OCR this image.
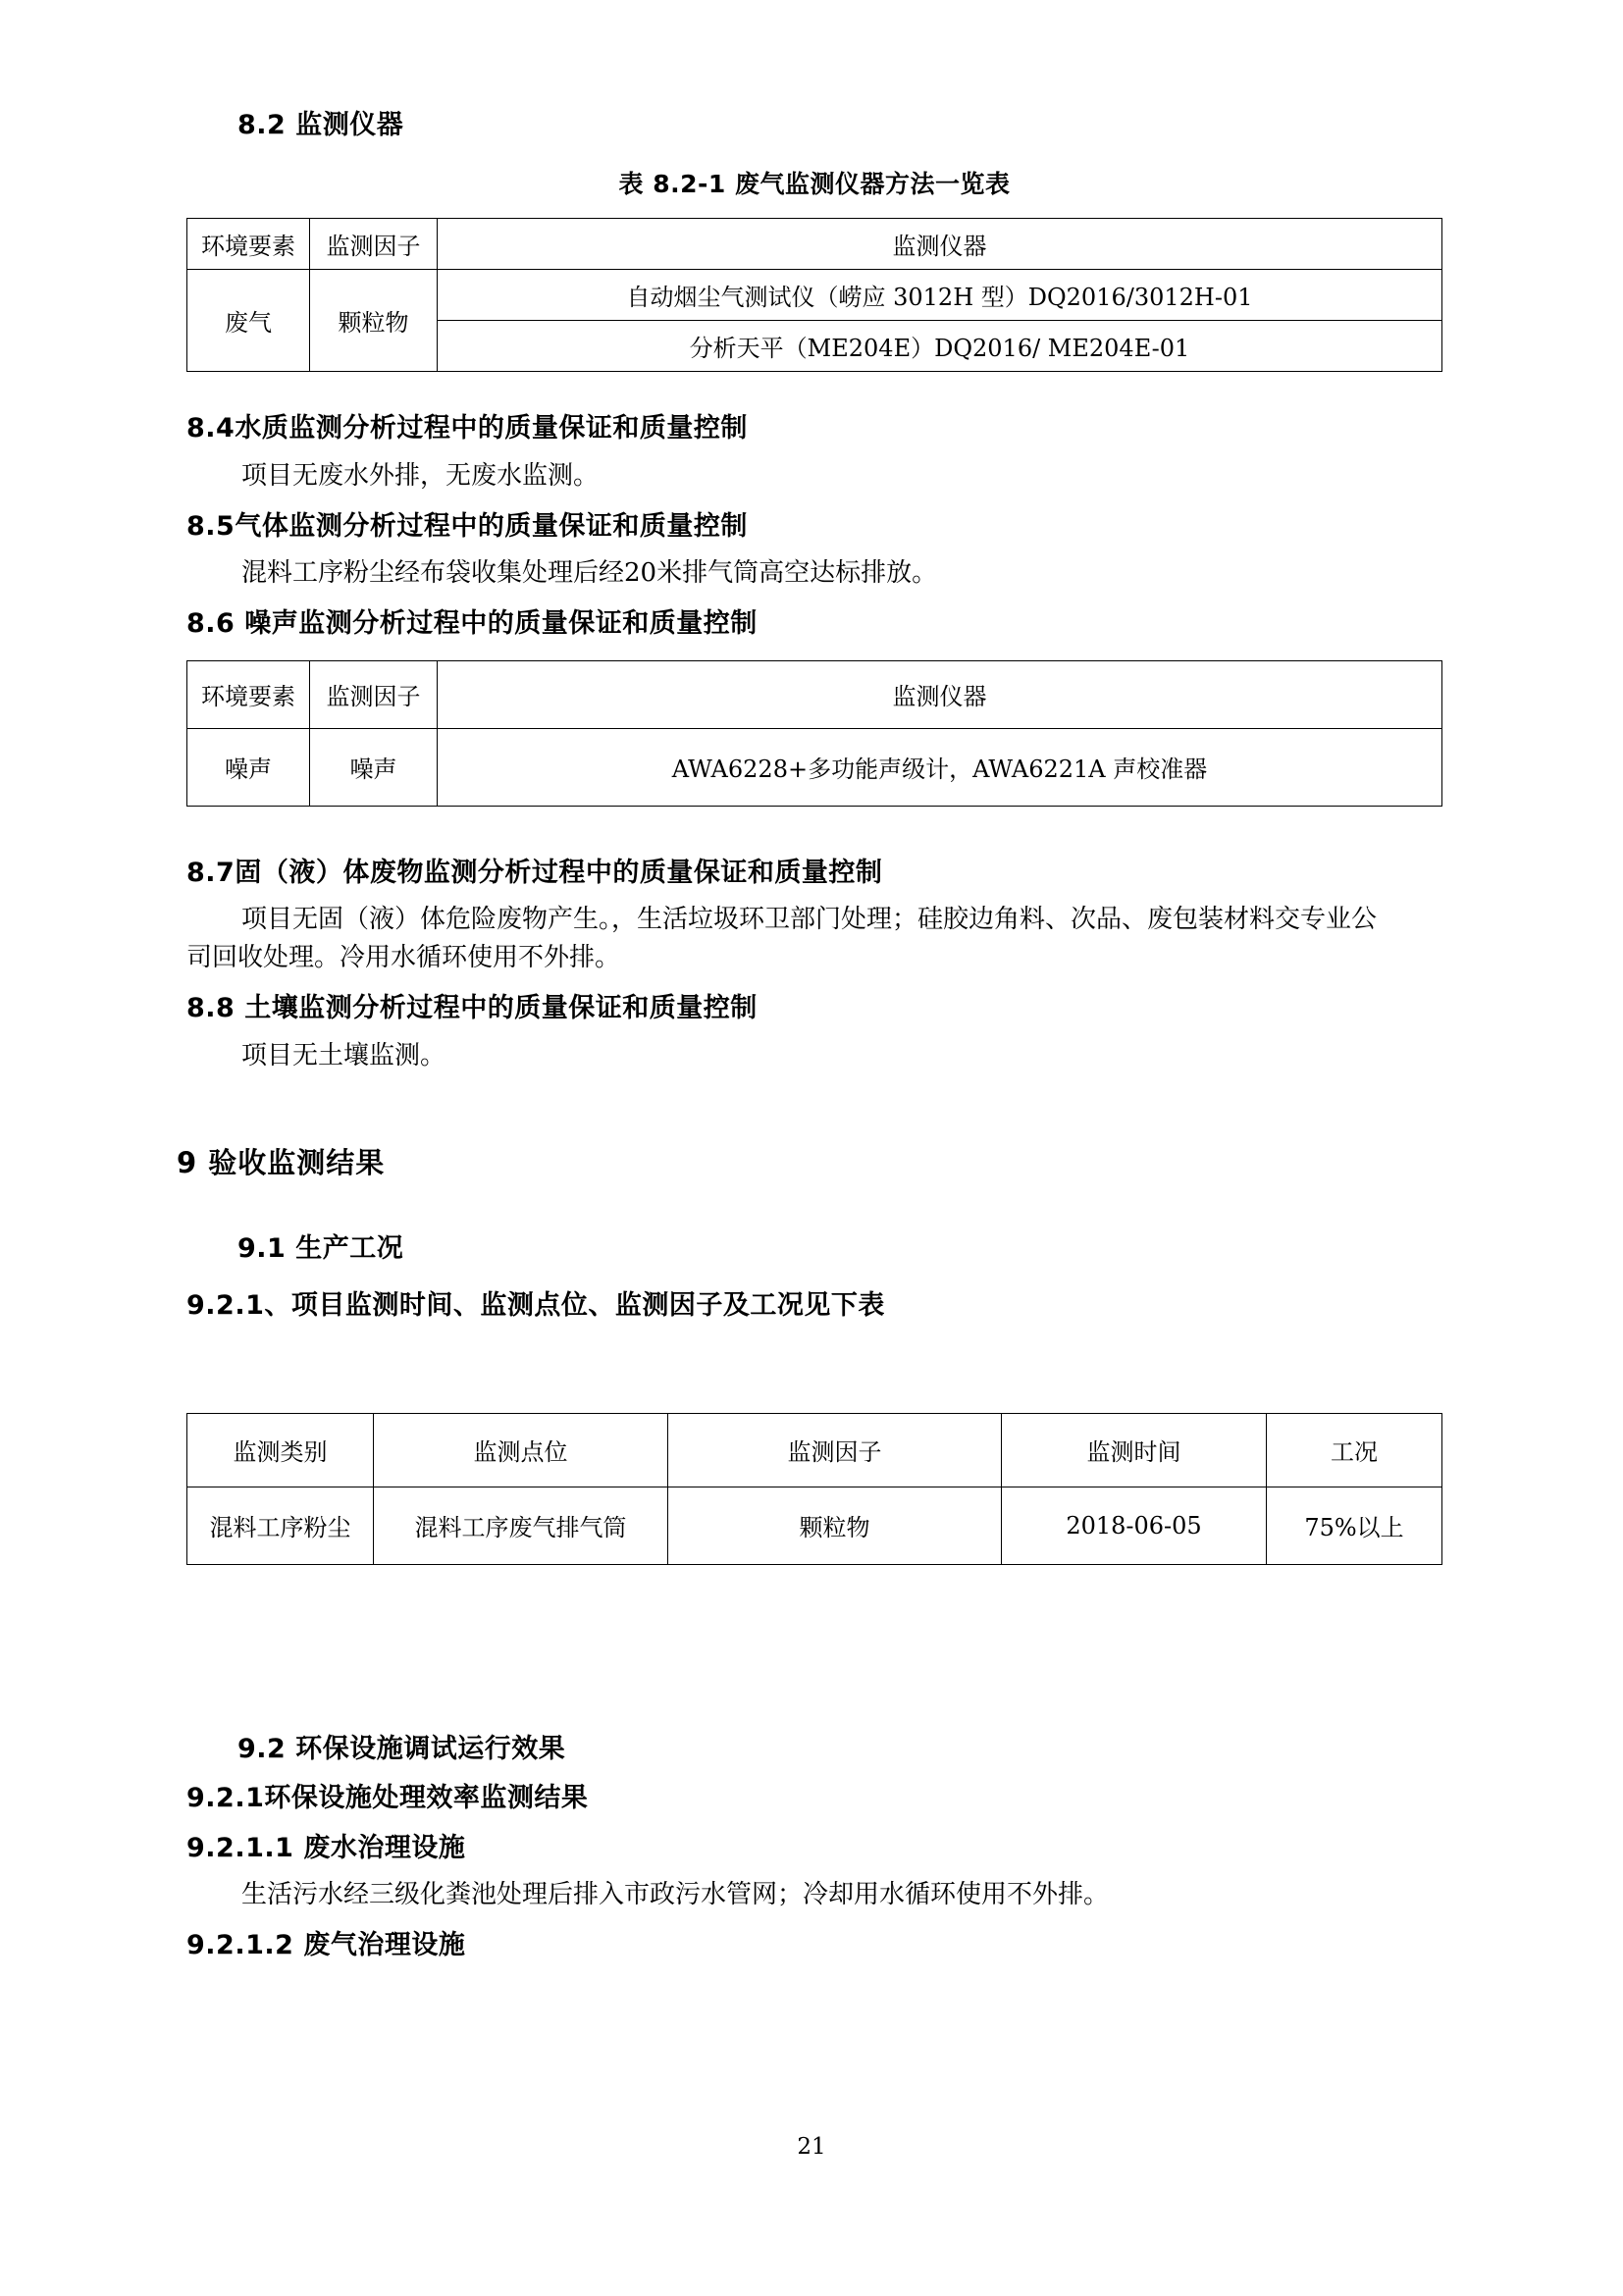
8.2 监测仪器
表 8.2-1 废气监测仪器方法一览表
环境要素	监测因子	监测仪器
废气	颗粒物	自动烟尘气测试仪（崂应 3012H 型）DQ2016/3012H-01
		分析天平（ME204E）DQ2016/ ME204E-01
8.4水质监测分析过程中的质量保证和质量控制
项目无废水外排，无废水监测。
8.5气体监测分析过程中的质量保证和质量控制
混料工序粉尘经布袋收集处理后经20米排气筒高空达标排放。
8.6 噪声监测分析过程中的质量保证和质量控制
环境要素	监测因子	监测仪器
噪声	噪声	AWA6228+多功能声级计，AWA6221A 声校准器
8.7固（液）体废物监测分析过程中的质量保证和质量控制
项目无固（液）体危险废物产生。，生活垃圾环卫部门处理；硅胶边角料、次品、废包装材料交专业公
司回收处理。冷用水循环使用不外排。
8.8 土壤监测分析过程中的质量保证和质量控制
项目无土壤监测。
9 验收监测结果
9.1 生产工况
9.2.1、项目监测时间、监测点位、监测因子及工况见下表
监测类别	监测点位	监测因子	监测时间	工况
混料工序粉尘	混料工序废气排气筒	颗粒物	2018-06-05	75%以上
9.2 环保设施调试运行效果
9.2.1环保设施处理效率监测结果
9.2.1.1 废水治理设施
生活污水经三级化粪池处理后排入市政污水管网；冷却用水循环使用不外排。
9.2.1.2 废气治理设施
21
